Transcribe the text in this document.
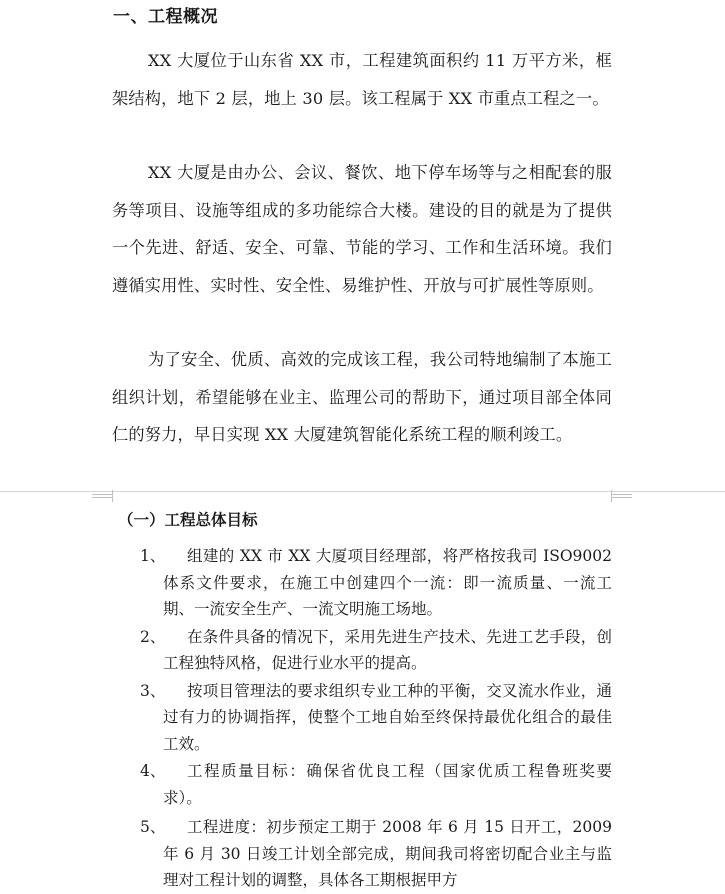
一、工程概况

XX 大厦位于山东省 XX 市，工程建筑面积约 11 万平方米，框架结构，地下 2 层，地上 30 层。该工程属于 XX 市重点工程之一。

XX 大厦是由办公、会议、餐饮、地下停车场等与之相配套的服务等项目、设施等组成的多功能综合大楼。建设的目的就是为了提供一个先进、舒适、安全、可靠、节能的学习、工作和生活环境。我们遵循实用性、实时性、安全性、易维护性、开放与可扩展性等原则。

为了安全、优质、高效的完成该工程，我公司特地编制了本施工组织计划，希望能够在业主、监理公司的帮助下，通过项目部全体同仁的努力，早日实现 XX 大厦建筑智能化系统工程的顺利竣工。

（一）工程总体目标
1、	组建的 XX 市 XX 大厦项目经理部，将严格按我司 ISO9002 体系文件要求，在施工中创建四个一流：即一流质量、一流工期、一流安全生产、一流文明施工场地。
2、	在条件具备的情况下，采用先进生产技术、先进工艺手段，创工程独特风格，促进行业水平的提高。
3、	按项目管理法的要求组织专业工种的平衡，交叉流水作业，通过有力的协调指挥，使整个工地自始至终保持最优化组合的最佳工效。
4、	工程质量目标：确保省优良工程（国家优质工程鲁班奖要求）。
5、	工程进度：初步预定工期于 2008 年 6 月 15 日开工，2009 年 6 月 30 日竣工计划全部完成，期间我司将密切配合业主与监理对工程计划的调整，具体各工期根据甲方
